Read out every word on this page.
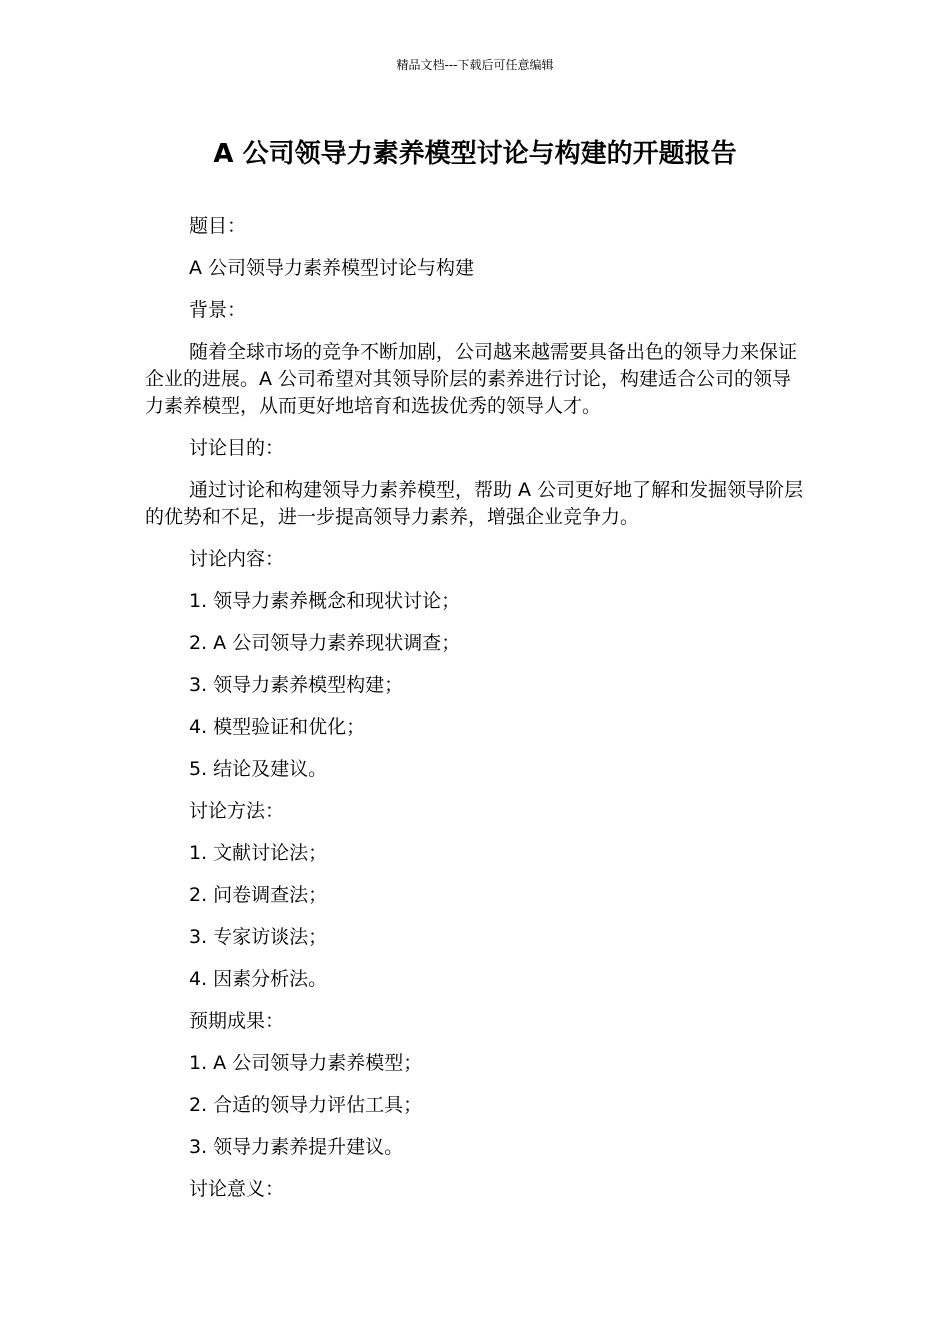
精品文档---下载后可任意编辑
A 公司领导力素养模型讨论与构建的开题报告

题目：

A 公司领导力素养模型讨论与构建

背景：

随着全球市场的竞争不断加剧，公司越来越需要具备出色的领导力来保证企业的进展。A 公司希望对其领导阶层的素养进行讨论，构建适合公司的领导力素养模型，从而更好地培育和选拔优秀的领导人才。

讨论目的：

通过讨论和构建领导力素养模型，帮助 A 公司更好地了解和发掘领导阶层的优势和不足，进一步提高领导力素养，增强企业竞争力。

讨论内容：

1. 领导力素养概念和现状讨论；

2. A 公司领导力素养现状调查；

3. 领导力素养模型构建；

4. 模型验证和优化；

5. 结论及建议。

讨论方法：

1. 文献讨论法；

2. 问卷调查法；

3. 专家访谈法；

4. 因素分析法。

预期成果：

1. A 公司领导力素养模型；

2. 合适的领导力评估工具；

3. 领导力素养提升建议。

讨论意义：
